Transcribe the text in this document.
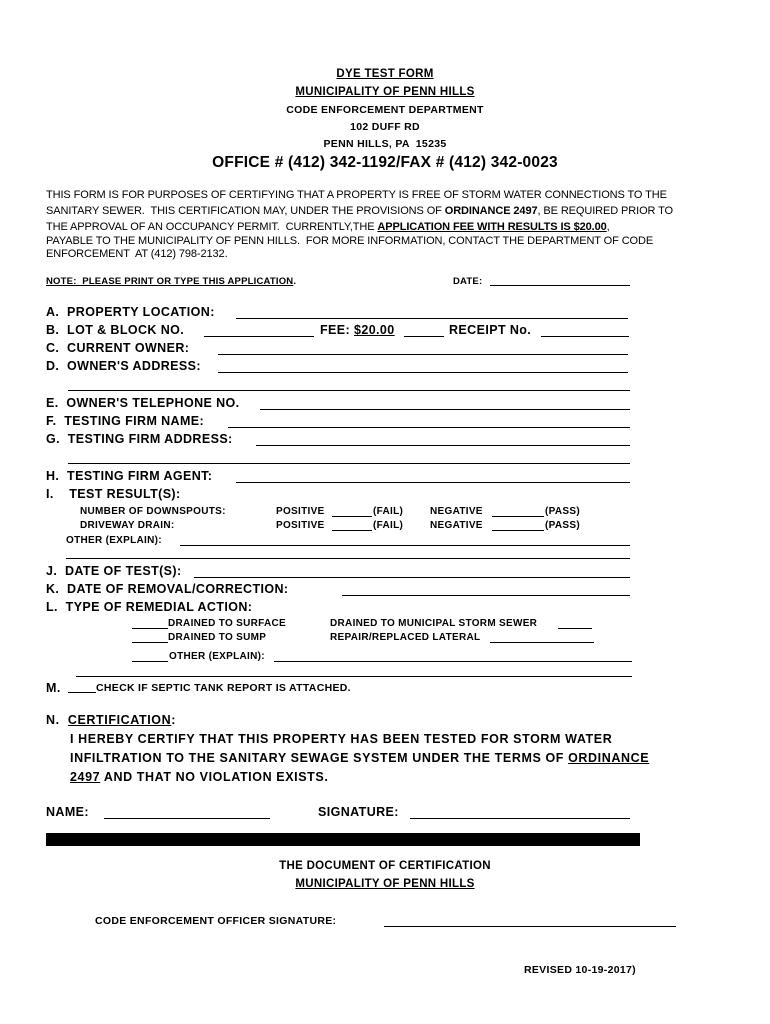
DYE TEST FORM
MUNICIPALITY OF PENN HILLS
CODE ENFORCEMENT DEPARTMENT
102 DUFF RD
PENN HILLS, PA  15235
OFFICE # (412) 342-1192/FAX # (412) 342-0023
THIS FORM IS FOR PURPOSES OF CERTIFYING THAT A PROPERTY IS FREE OF STORM WATER CONNECTIONS TO THE
SANITARY SEWER.  THIS CERTIFICATION MAY, UNDER THE PROVISIONS OF ORDINANCE 2497, BE REQUIRED PRIOR TO
THE APPROVAL OF AN OCCUPANCY PERMIT.  CURRENTLY,THE APPLICATION FEE WITH RESULTS IS $20.00,
PAYABLE TO THE MUNICIPALITY OF PENN HILLS.  FOR MORE INFORMATION, CONTACT THE DEPARTMENT OF CODE
ENFORCEMENT  AT (412) 798-2132.
NOTE:  PLEASE PRINT OR TYPE THIS APPLICATION.	DATE:
A.  PROPERTY LOCATION:
B.  LOT & BLOCK NO.	FEE: $20.00	RECEIPT No.
C.  CURRENT OWNER:
D.  OWNER'S ADDRESS:
E.  OWNER'S TELEPHONE NO.
F.  TESTING FIRM NAME:
G.  TESTING FIRM ADDRESS:
H.  TESTING FIRM AGENT:
I.    TEST RESULT(S):
NUMBER OF DOWNSPOUTS:	POSITIVE	(FAIL)	NEGATIVE	(PASS)
DRIVEWAY DRAIN:	POSITIVE	(FAIL)	NEGATIVE	(PASS)
OTHER (EXPLAIN):
J.  DATE OF TEST(S):
K.  DATE OF REMOVAL/CORRECTION:
L.  TYPE OF REMEDIAL ACTION:
DRAINED TO SURFACE	DRAINED TO MUNICIPAL STORM SEWER
DRAINED TO SUMP	REPAIR/REPLACED LATERAL
OTHER (EXPLAIN):
M.	CHECK IF SEPTIC TANK REPORT IS ATTACHED.
N. CERTIFICATION:
I HEREBY CERTIFY THAT THIS PROPERTY HAS BEEN TESTED FOR STORM WATER
INFILTRATION TO THE SANITARY SEWAGE SYSTEM UNDER THE TERMS OF ORDINANCE
2497 AND THAT NO VIOLATION EXISTS.
NAME:	SIGNATURE:
THE DOCUMENT OF CERTIFICATION
MUNICIPALITY OF PENN HILLS
CODE ENFORCEMENT OFFICER SIGNATURE:
REVISED 10-19-2017)
